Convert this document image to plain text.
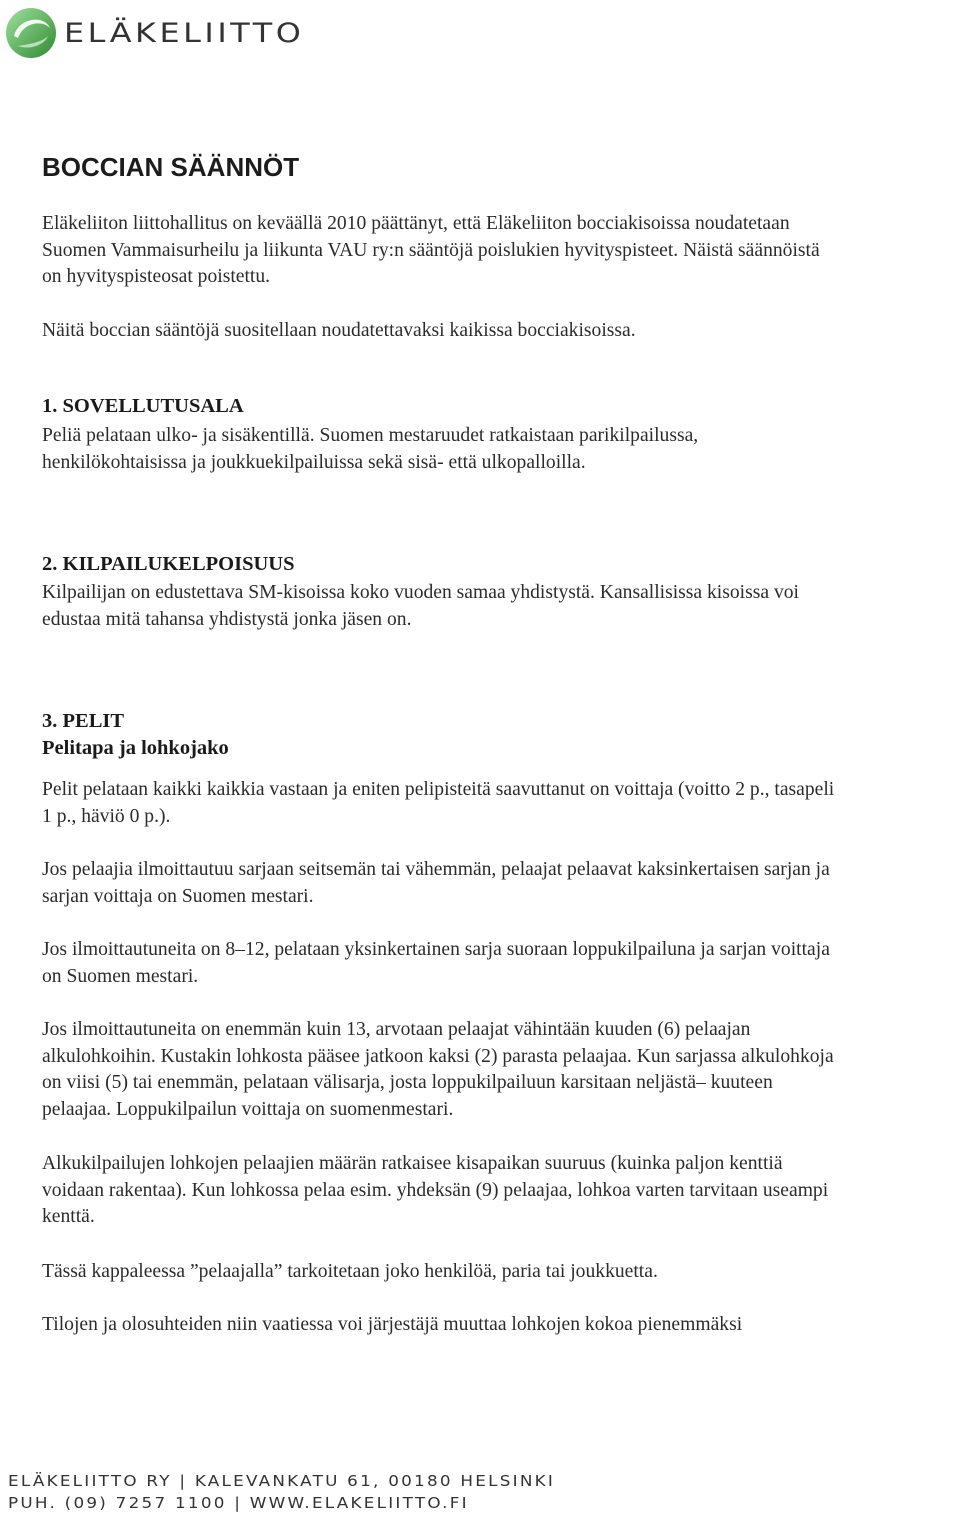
ELÄKELIITTO
BOCCIAN SÄÄNNÖT

Eläkeliiton liittohallitus on keväällä 2010 päättänyt, että Eläkeliiton bocciakisoissa noudatetaan
Suomen Vammaisurheilu ja liikunta VAU ry:n sääntöjä poislukien hyvityspisteet. Näistä säännöistä
on hyvityspisteosat poistettu.

Näitä boccian sääntöjä suositellaan noudatettavaksi kaikissa bocciakisoissa.

1. SOVELLUTUSALA

Peliä pelataan ulko- ja sisäkentillä. Suomen mestaruudet ratkaistaan parikilpailussa,
henkilökohtaisissa ja joukkuekilpailuissa sekä sisä- että ulkopalloilla.

2. KILPAILUKELPOISUUS

Kilpailijan on edustettava SM-kisoissa koko vuoden samaa yhdistystä. Kansallisissa kisoissa voi
edustaa mitä tahansa yhdistystä jonka jäsen on.

3. PELIT
Pelitapa ja lohkojako

Pelit pelataan kaikki kaikkia vastaan ja eniten pelipisteitä saavuttanut on voittaja (voitto 2 p., tasapeli
1 p., häviö 0 p.).

Jos pelaajia ilmoittautuu sarjaan seitsemän tai vähemmän, pelaajat pelaavat kaksinkertaisen sarjan ja
sarjan voittaja on Suomen mestari.

Jos ilmoittautuneita on 8–12, pelataan yksinkertainen sarja suoraan loppukilpailuna ja sarjan voittaja
on Suomen mestari.

Jos ilmoittautuneita on enemmän kuin 13, arvotaan pelaajat vähintään kuuden (6) pelaajan
alkulohkoihin. Kustakin lohkosta pääsee jatkoon kaksi (2) parasta pelaajaa. Kun sarjassa alkulohkoja
on viisi (5) tai enemmän, pelataan välisarja, josta loppukilpailuun karsitaan neljästä– kuuteen
pelaajaa. Loppukilpailun voittaja on suomenmestari.

Alkukilpailujen lohkojen pelaajien määrän ratkaisee kisapaikan suuruus (kuinka paljon kenttiä
voidaan rakentaa). Kun lohkossa pelaa esim. yhdeksän (9) pelaajaa, lohkoa varten tarvitaan useampi
kenttä.

Tässä kappaleessa ”pelaajalla” tarkoitetaan joko henkilöä, paria tai joukkuetta.

Tilojen ja olosuhteiden niin vaatiessa voi järjestäjä muuttaa lohkojen kokoa pienemmäksi

ELÄKELIITTO RY | KALEVANKATU 61, 00180 HELSINKI
PUH. (09) 7257 1100 | WWW.ELAKELIITTO.FI
